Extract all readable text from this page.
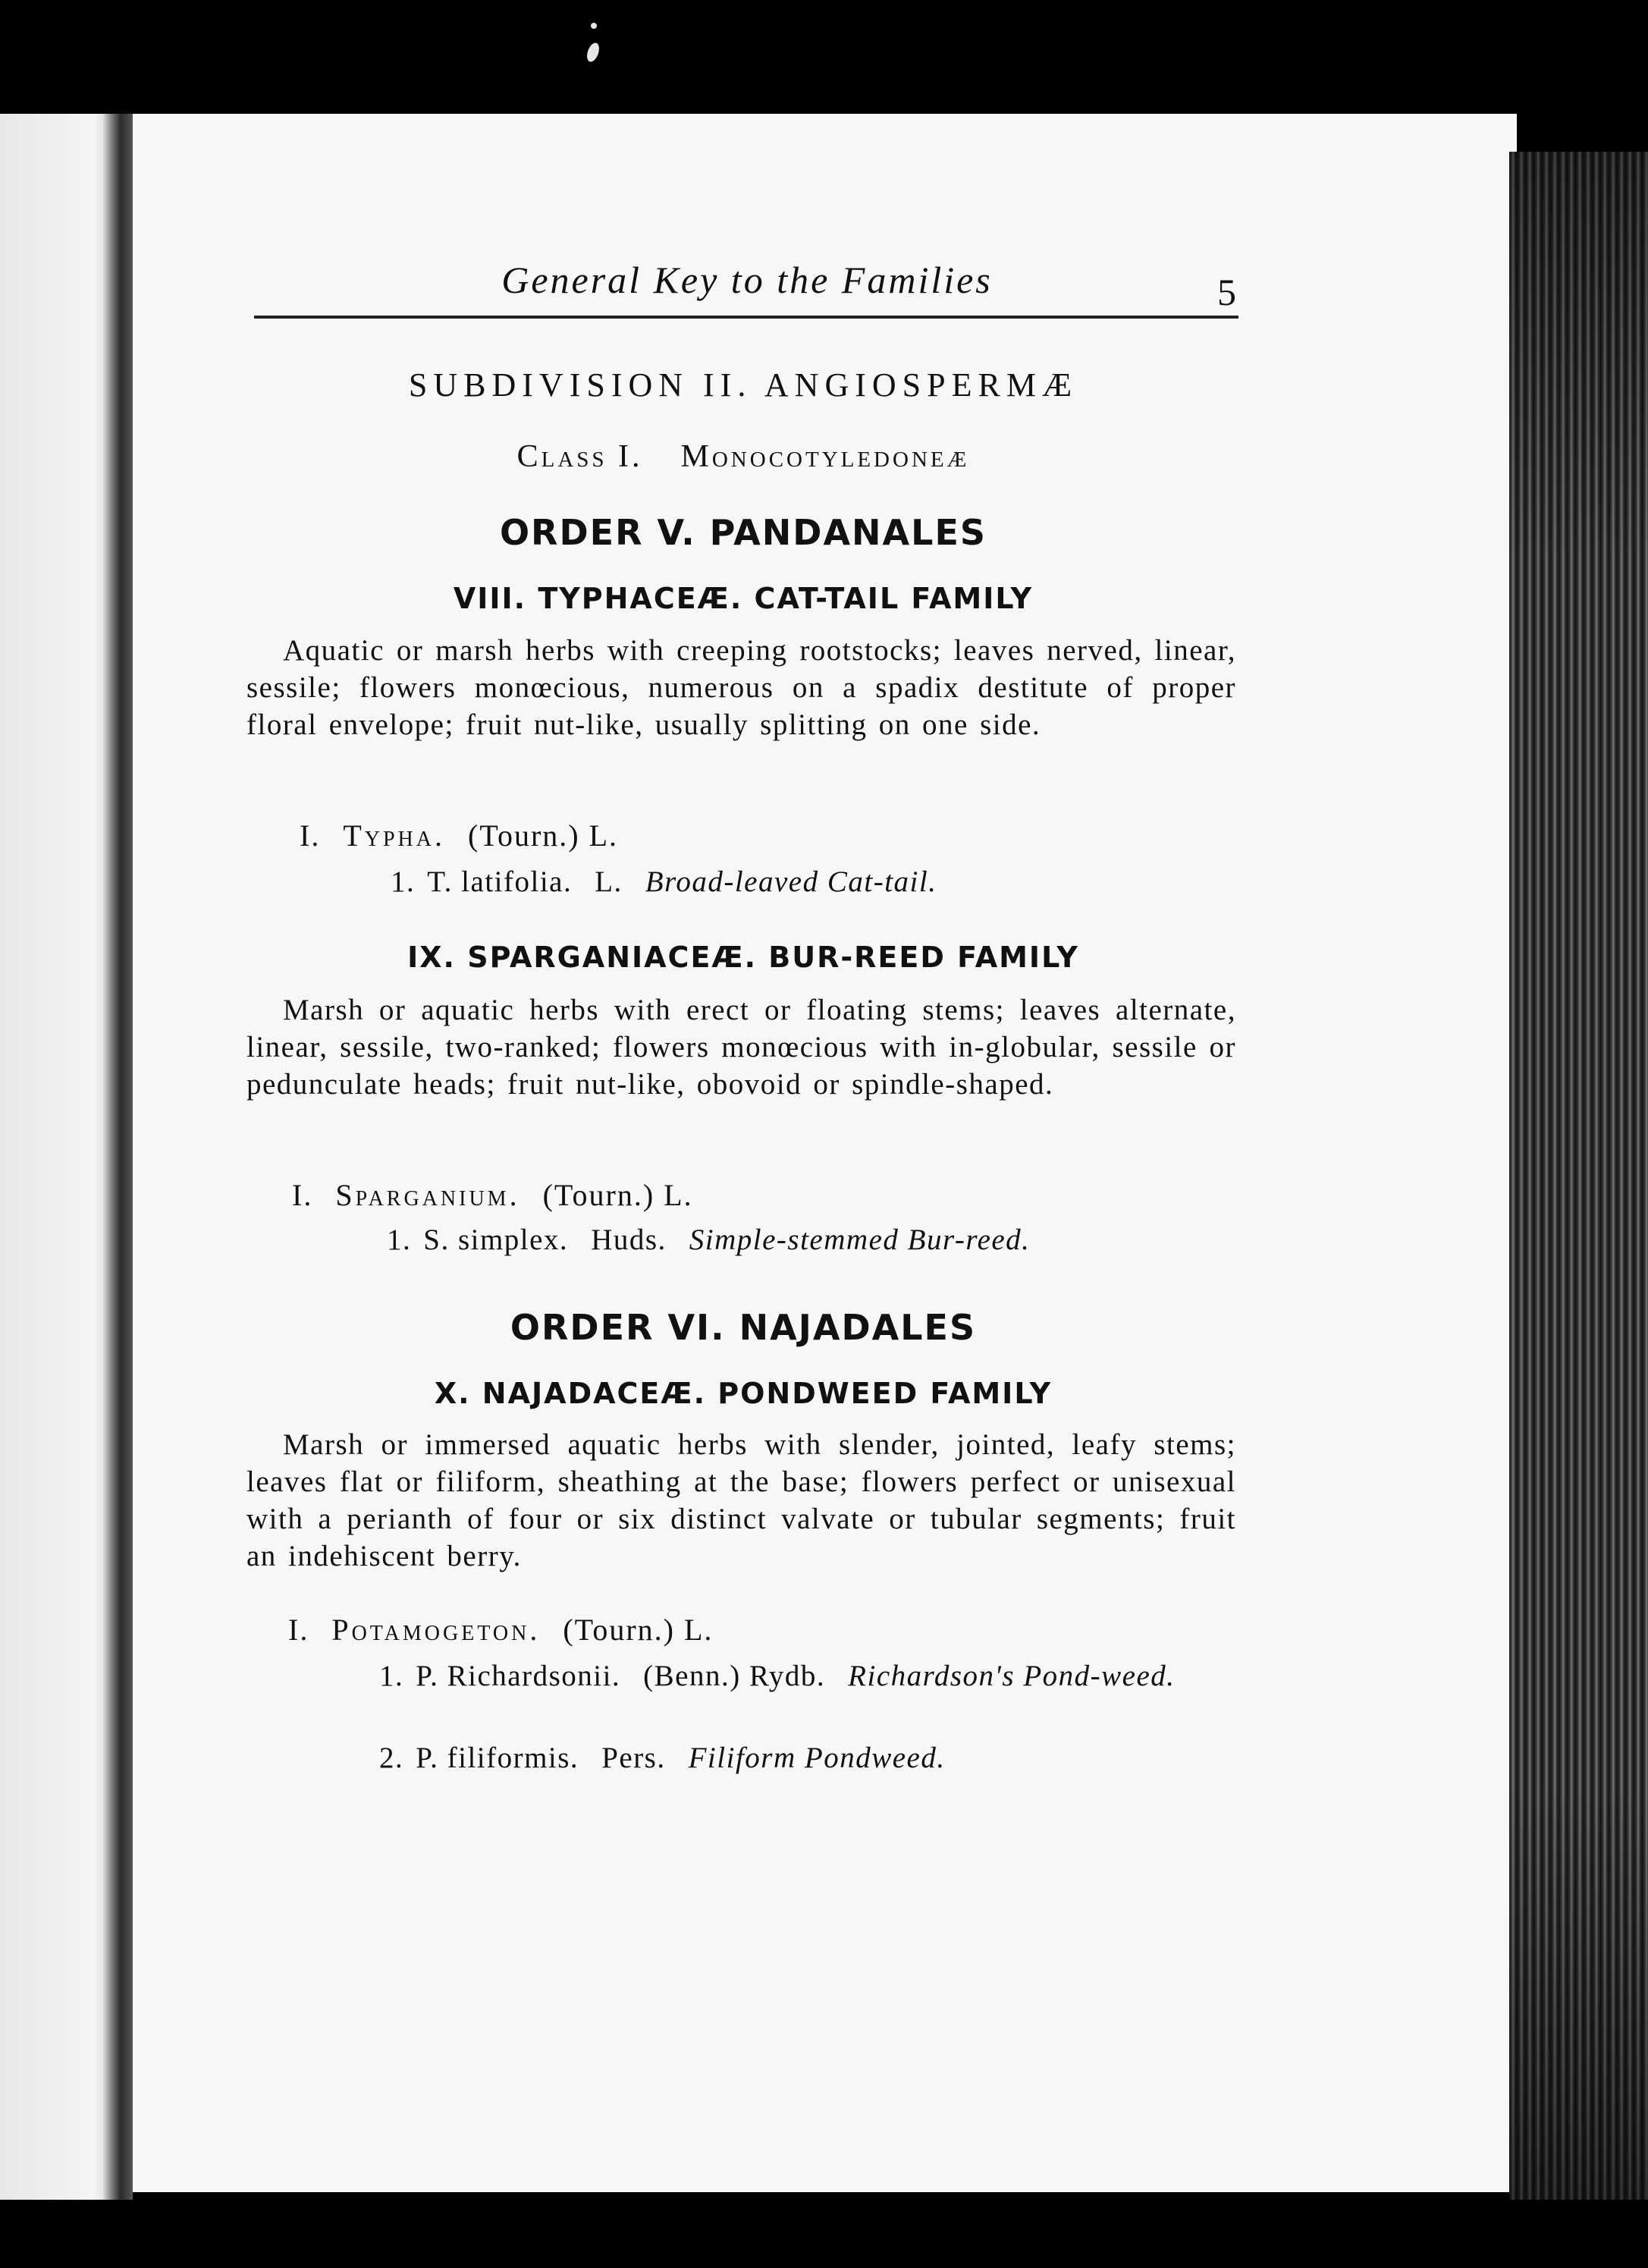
General Key to the Families	5
SUBDIVISION II. ANGIOSPERMÆ
Class I. Monocotyledoneæ
ORDER V. PANDANALES
VIII. TYPHACEÆ. CAT-TAIL FAMILY
Aquatic or marsh herbs with creeping rootstocks; leaves nerved, linear, sessile; flowers monœcious, numerous on a spadix destitute of proper floral envelope; fruit nut-like, usually splitting on one side.
I. Typha. (Tourn.) L.
1. T. latifolia. L. Broad-leaved Cat-tail.
IX. SPARGANIACEÆ. BUR-REED FAMILY
Marsh or aquatic herbs with erect or floating stems; leaves alternate, linear, sessile, two-ranked; flowers monœcious with in-globular, sessile or pedunculate heads; fruit nut-like, obovoid or spindle-shaped.
I. Sparganium. (Tourn.) L.
1. S. simplex. Huds. Simple-stemmed Bur-reed.
ORDER VI. NAJADALES
X. NAJADACEÆ. PONDWEED FAMILY
Marsh or immersed aquatic herbs with slender, jointed, leafy stems; leaves flat or filiform, sheathing at the base; flowers perfect or unisexual with a perianth of four or six distinct valvate or tubular segments; fruit an indehiscent berry.
I. Potamogeton. (Tourn.) L.
1. P. Richardsonii. (Benn.) Rydb. Richardson's Pond-weed.
2. P. filiformis. Pers. Filiform Pondweed.
